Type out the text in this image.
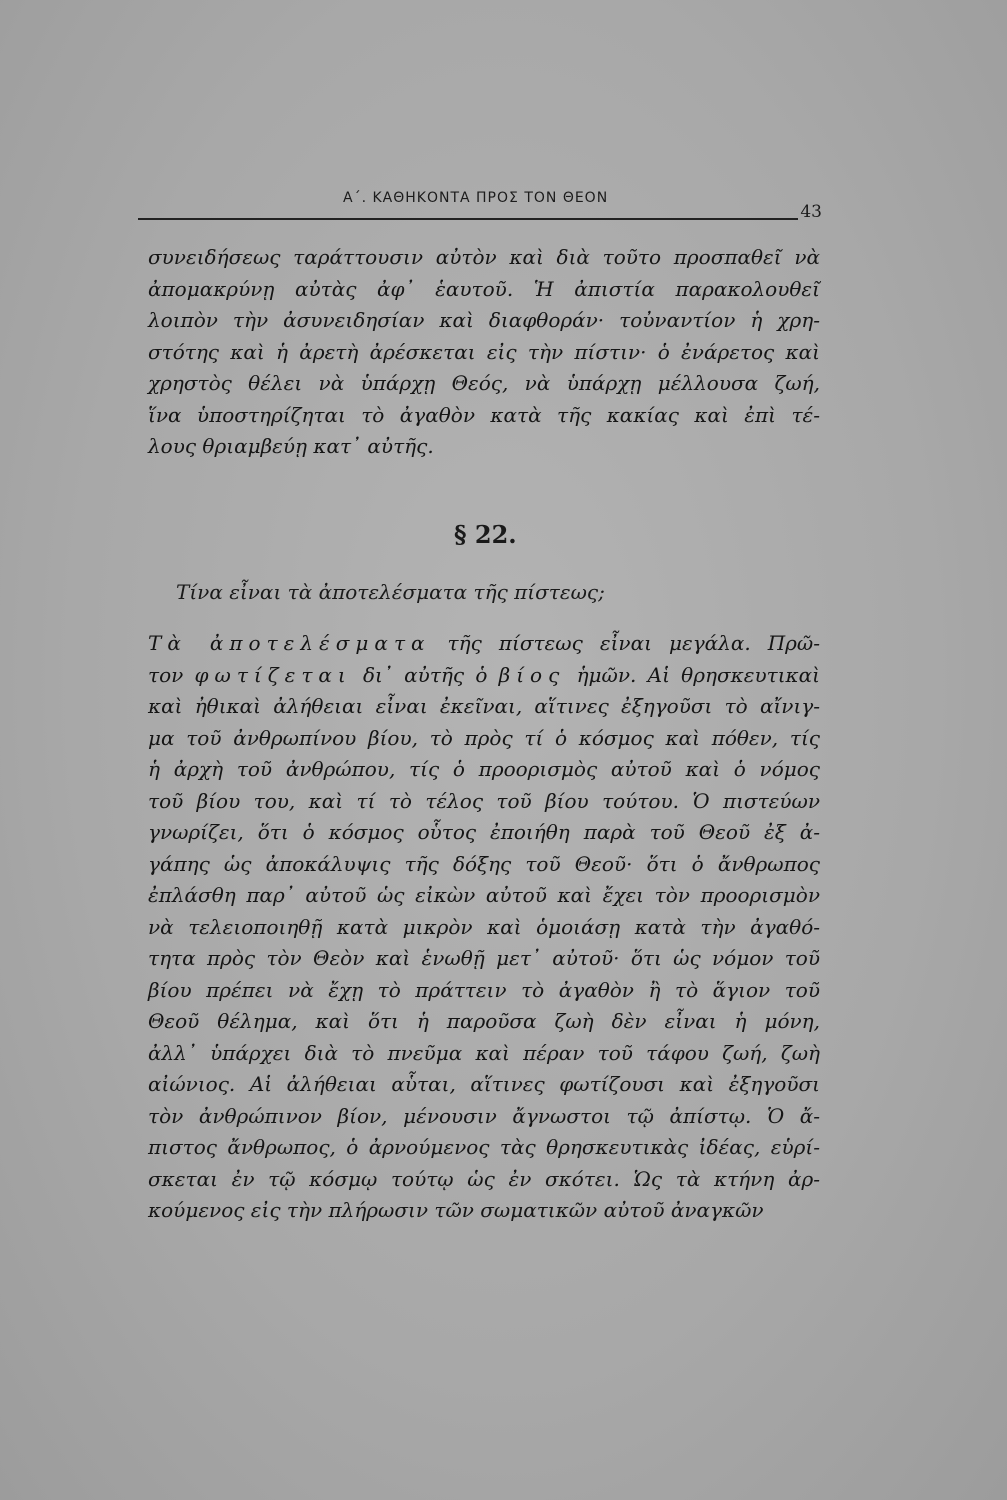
Α΄. ΚΑΘΗΚΟΝΤΑ ΠΡΟΣ ΤΟΝ ΘΕΟΝ
43
συνειδήσεως ταράττουσιν αὐτὸν καὶ διὰ τοῦτο προσπαθεῖ νὰ
ἀπομακρύνῃ αὐτὰς ἀφ᾽ ἑαυτοῦ. Ἡ ἀπιστία παρακολουθεῖ
λοιπὸν τὴν ἀσυνειδησίαν καὶ διαφθοράν· τοὐναντίον ἡ χρη-
στότης καὶ ἡ ἀρετὴ ἀρέσκεται εἰς τὴν πίστιν· ὁ ἐνάρετος καὶ
χρηστὸς θέλει νὰ ὑπάρχῃ Θεός, νὰ ὑπάρχῃ μέλλουσα ζωή,
ἵνα ὑποστηρίζηται τὸ ἀγαθὸν κατὰ τῆς κακίας καὶ ἐπὶ τέ-
λους θριαμβεύῃ κατ᾽ αὐτῆς.
§ 22.
Τίνα εἶναι τὰ ἀποτελέσματα τῆς πίστεως;
Τὰ ἀποτελέσματα τῆς πίστεως εἶναι μεγάλα. Πρῶ-
τον φωτίζεται δι᾽ αὐτῆς ὁ βίος ἡμῶν. Αἱ θρησκευτικαὶ
καὶ ἠθικαὶ ἀλήθειαι εἶναι ἐκεῖναι, αἵτινες ἐξηγοῦσι τὸ αἴνιγ-
μα τοῦ ἀνθρωπίνου βίου, τὸ πρὸς τί ὁ κόσμος καὶ πόθεν, τίς
ἡ ἀρχὴ τοῦ ἀνθρώπου, τίς ὁ προορισμὸς αὐτοῦ καὶ ὁ νόμος
τοῦ βίου του, καὶ τί τὸ τέλος τοῦ βίου τούτου. Ὁ πιστεύων
γνωρίζει, ὅτι ὁ κόσμος οὗτος ἐποιήθη παρὰ τοῦ Θεοῦ ἐξ ἀ-
γάπης ὡς ἀποκάλυψις τῆς δόξης τοῦ Θεοῦ· ὅτι ὁ ἄνθρωπος
ἐπλάσθη παρ᾽ αὐτοῦ ὡς εἰκὼν αὐτοῦ καὶ ἔχει τὸν προορισμὸν
νὰ τελειοποιηθῇ κατὰ μικρὸν καὶ ὁμοιάσῃ κατὰ τὴν ἀγαθό-
τητα πρὸς τὸν Θεὸν καὶ ἑνωθῇ μετ᾽ αὐτοῦ· ὅτι ὡς νόμον τοῦ
βίου πρέπει νὰ ἔχῃ τὸ πράττειν τὸ ἀγαθὸν ἢ τὸ ἅγιον τοῦ
Θεοῦ θέλημα, καὶ ὅτι ἡ παροῦσα ζωὴ δὲν εἶναι ἡ μόνη,
ἀλλ᾽ ὑπάρχει διὰ τὸ πνεῦμα καὶ πέραν τοῦ τάφου ζωή, ζωὴ
αἰώνιος. Αἱ ἀλήθειαι αὗται, αἵτινες φωτίζουσι καὶ ἐξηγοῦσι
τὸν ἀνθρώπινον βίον, μένουσιν ἄγνωστοι τῷ ἀπίστῳ. Ὁ ἄ-
πιστος ἄνθρωπος, ὁ ἀρνούμενος τὰς θρησκευτικὰς ἰδέας, εὑρί-
σκεται ἐν τῷ κόσμῳ τούτῳ ὡς ἐν σκότει. Ὡς τὰ κτήνη ἀρ-
κούμενος εἰς τὴν πλήρωσιν τῶν σωματικῶν αὐτοῦ ἀναγκῶν
